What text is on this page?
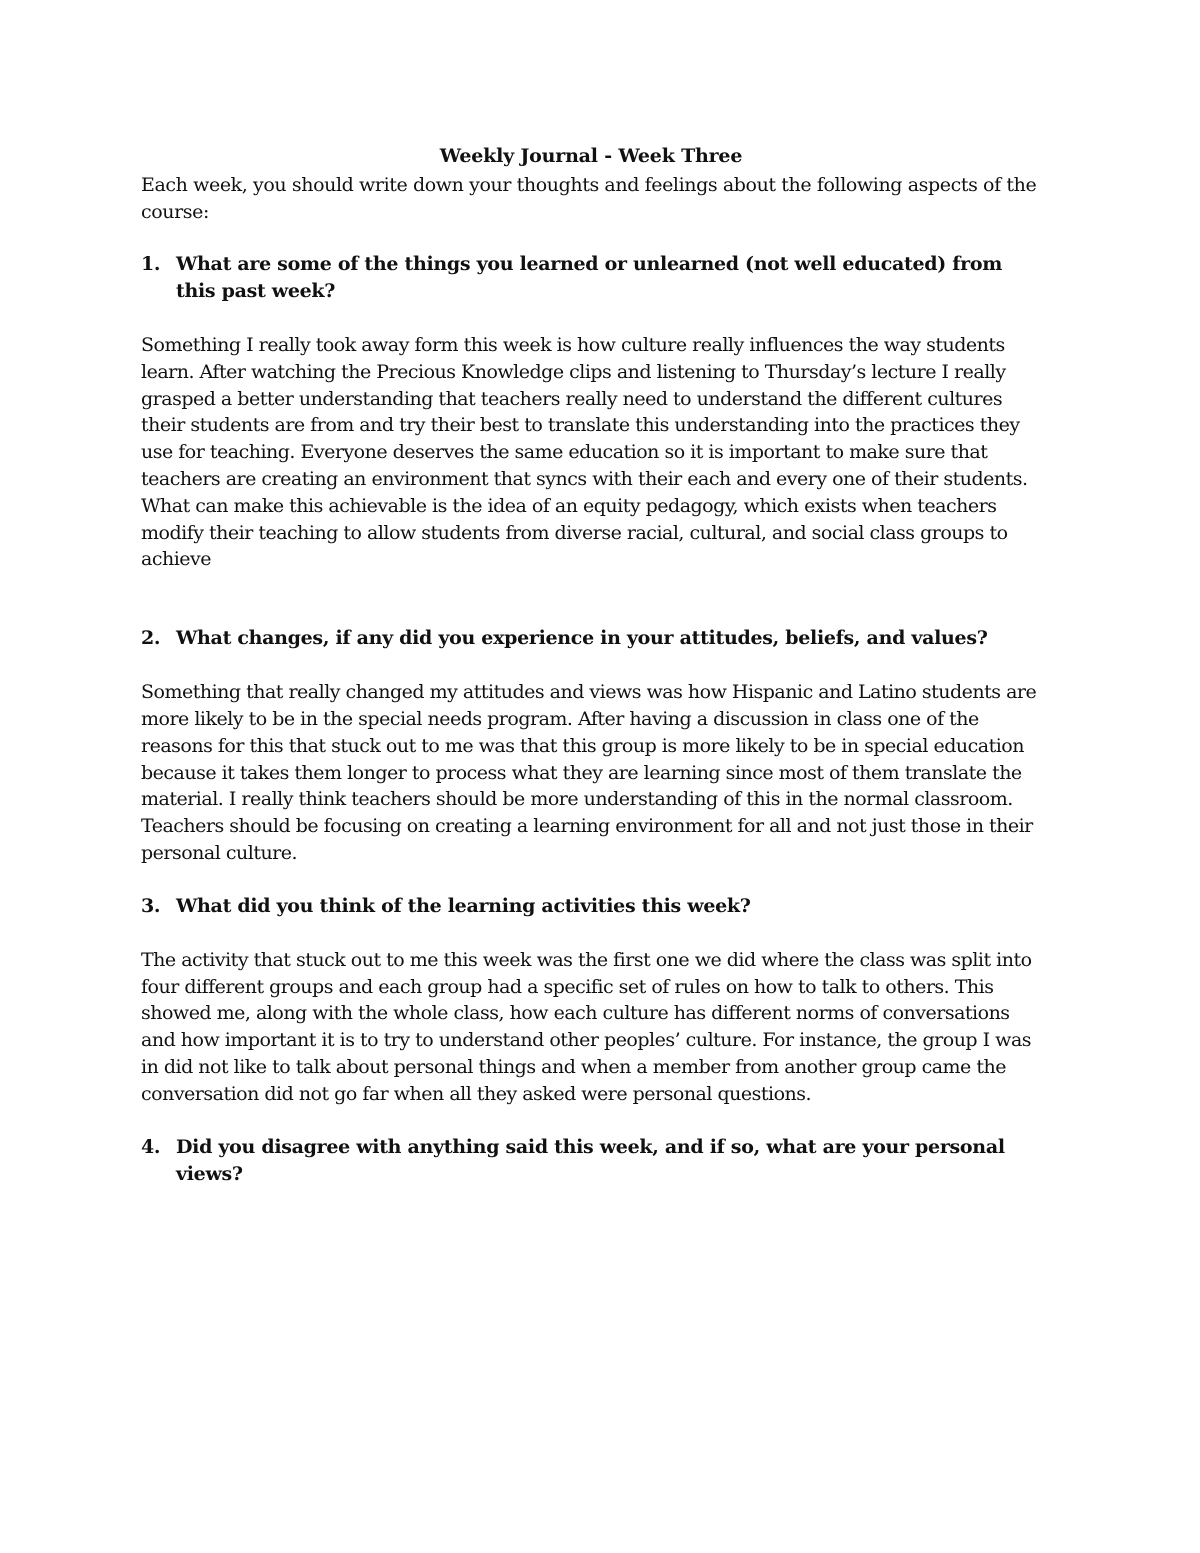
Weekly Journal - Week Three

Each week, you should write down your thoughts and feelings about the following aspects of the course:

1. What are some of the things you learned or unlearned (not well educated) from this past week?

Something I really took away form this week is how culture really influences the way students learn. After watching the Precious Knowledge clips and listening to Thursday’s lecture I really grasped a better understanding that teachers really need to understand the different cultures their students are from and try their best to translate this understanding into the practices they use for teaching. Everyone deserves the same education so it is important to make sure that teachers are creating an environment that syncs with their each and every one of their students. What can make this achievable is the idea of an equity pedagogy, which exists when teachers modify their teaching to allow students from diverse racial, cultural, and social class groups to achieve

2. What changes, if any did you experience in your attitudes, beliefs, and values?

Something that really changed my attitudes and views was how Hispanic and Latino students are more likely to be in the special needs program. After having a discussion in class one of the reasons for this that stuck out to me was that this group is more likely to be in special education because it takes them longer to process what they are learning since most of them translate the material. I really think teachers should be more understanding of this in the normal classroom. Teachers should be focusing on creating a learning environment for all and not just those in their personal culture.

3. What did you think of the learning activities this week?

The activity that stuck out to me this week was the first one we did where the class was split into four different groups and each group had a specific set of rules on how to talk to others. This showed me, along with the whole class, how each culture has different norms of conversations and how important it is to try to understand other peoples’ culture. For instance, the group I was in did not like to talk about personal things and when a member from another group came the conversation did not go far when all they asked were personal questions.

4. Did you disagree with anything said this week, and if so, what are your personal views?
